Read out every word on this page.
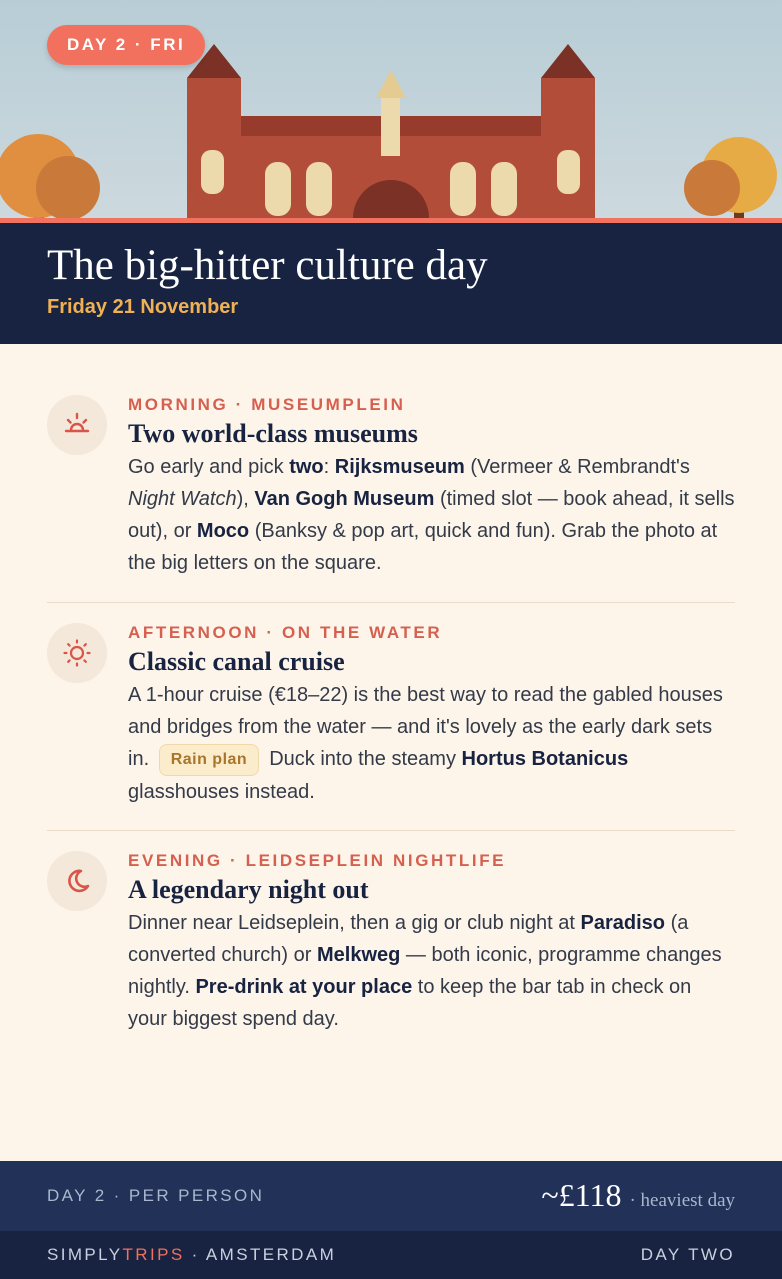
DAY 2 · FRI
The big-hitter culture day
Friday 21 November
MORNING · MUSEUMPLEIN
Two world-class museums
Go early and pick two: Rijksmuseum (Vermeer & Rembrandt's Night Watch), Van Gogh Museum (timed slot — book ahead, it sells out), or Moco (Banksy & pop art, quick and fun). Grab the photo at the big letters on the square.
AFTERNOON · ON THE WATER
Classic canal cruise
A 1-hour cruise (€18–22) is the best way to read the gabled houses and bridges from the water — and it's lovely as the early dark sets in. Rain plan Duck into the steamy Hortus Botanicus glasshouses instead.
EVENING · LEIDSEPLEIN NIGHTLIFE
A legendary night out
Dinner near Leidseplein, then a gig or club night at Paradiso (a converted church) or Melkweg — both iconic, programme changes nightly. Pre-drink at your place to keep the bar tab in check on your biggest spend day.
DAY 2 · PER PERSON	~£118 · heaviest day
SIMPLYTRIPS · AMSTERDAM	DAY TWO
